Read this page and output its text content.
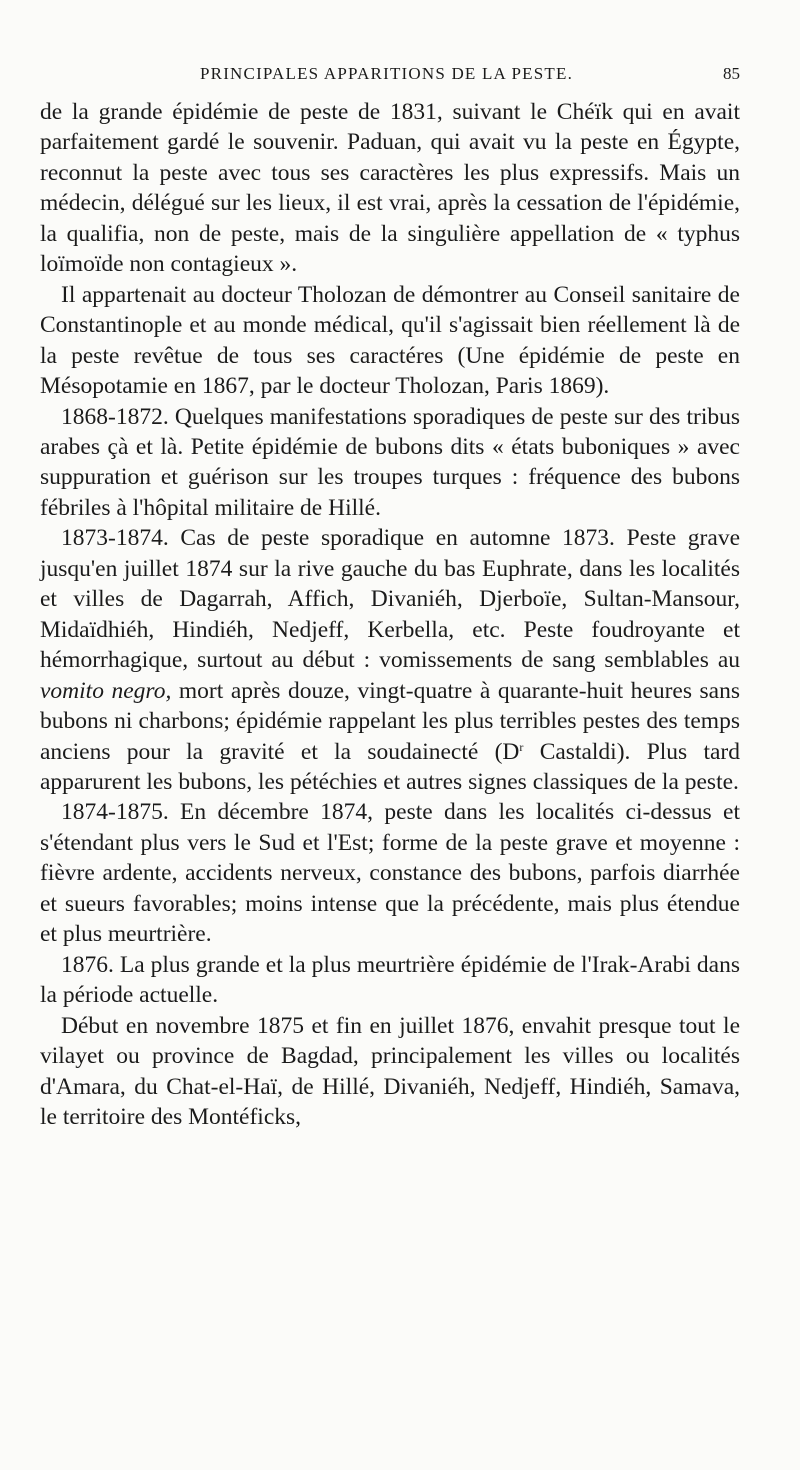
PRINCIPALES APPARITIONS DE LA PESTE.	85

de la grande épidémie de peste de 1831, suivant le Chéïk qui en avait parfaitement gardé le souvenir. Paduan, qui avait vu la peste en Égypte, reconnut la peste avec tous ses caractères les plus expressifs. Mais un médecin, délégué sur les lieux, il est vrai, après la cessation de l'épidémie, la qualifia, non de peste, mais de la singulière appellation de « typhus loïmoïde non contagieux ».

Il appartenait au docteur Tholozan de démontrer au Conseil sanitaire de Constantinople et au monde médical, qu'il s'agissait bien réellement là de la peste revêtue de tous ses caractéres (Une épidémie de peste en Mésopotamie en 1867, par le docteur Tholozan, Paris 1869).

1868-1872. Quelques manifestations sporadiques de peste sur des tribus arabes çà et là. Petite épidémie de bubons dits « états buboniques » avec suppuration et guérison sur les troupes turques : fréquence des bubons fébriles à l'hôpital militaire de Hillé.

1873-1874. Cas de peste sporadique en automne 1873. Peste grave jusqu'en juillet 1874 sur la rive gauche du bas Euphrate, dans les localités et villes de Dagarrah, Affich, Divaniéh, Djerboïe, Sultan-Mansour, Midaïdhiéh, Hindiéh, Nedjeff, Kerbella, etc. Peste foudroyante et hémorrhagique, surtout au début : vomissements de sang semblables au vomito negro, mort après douze, vingt-quatre à quarante-huit heures sans bubons ni charbons; épidémie rappelant les plus terribles pestes des temps anciens pour la gravité et la soudainecté ($D^r$ Castaldi). Plus tard apparurent les bubons, les pétéchies et autres signes classiques de la peste.

1874-1875. En décembre 1874, peste dans les localités ci-dessus et s'étendant plus vers le Sud et l'Est; forme de la peste grave et moyenne : fièvre ardente, accidents nerveux, constance des bubons, parfois diarrhée et sueurs favorables; moins intense que la précédente, mais plus étendue et plus meurtrière.

1876. La plus grande et la plus meurtrière épidémie de l'Irak-Arabi dans la période actuelle.

Début en novembre 1875 et fin en juillet 1876, envahit presque tout le vilayet ou province de Bagdad, principalement les villes ou localités d'Amara, du Chat-el-Haï, de Hillé, Divaniéh, Nedjeff, Hindiéh, Samava, le territoire des Montéficks,
